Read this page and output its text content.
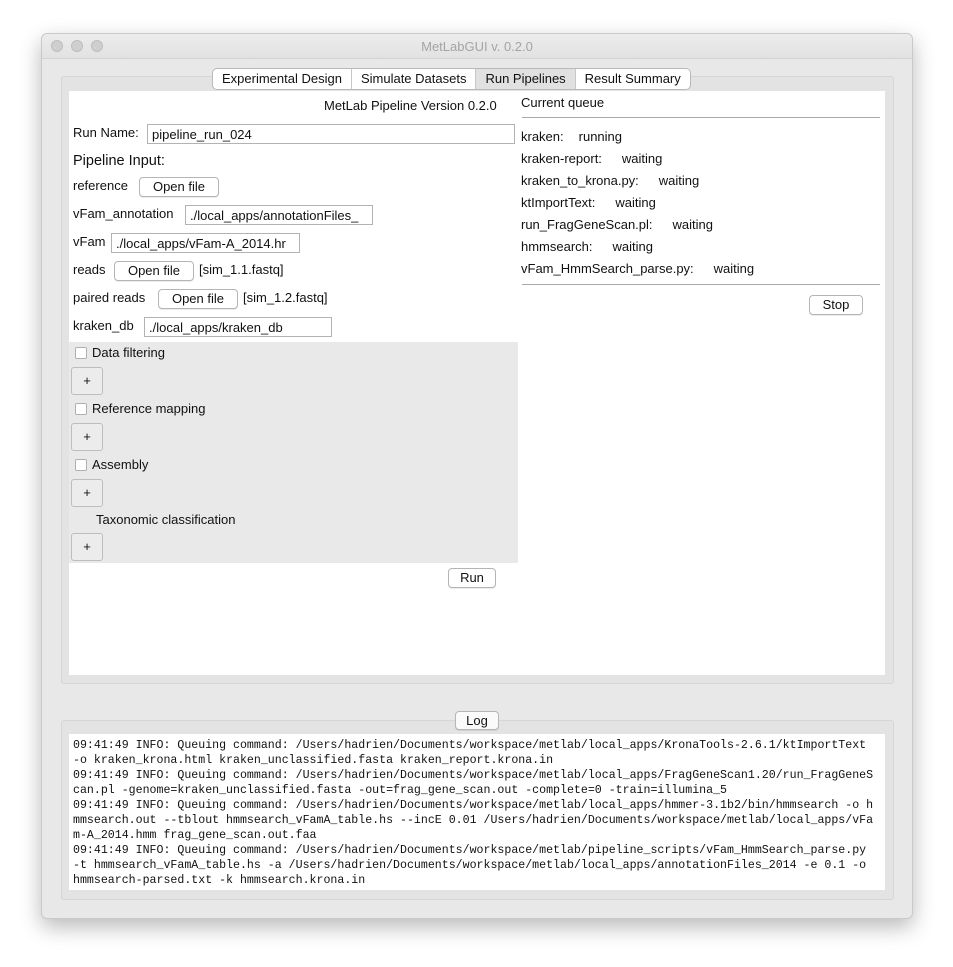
MetLabGUI v. 0.2.0
Experimental Design	Simulate Datasets	Run Pipelines	Result Summary
MetLab Pipeline Version 0.2.0
Run Name:	pipeline_run_024
Pipeline Input:
reference	Open file
vFam_annotation	./local_apps/annotationFiles_
vFam ./local_apps/vFam-A_2014.hr
reads	Open file	[sim_1.1.fastq]
paired reads	Open file	[sim_1.2.fastq]
kraken_db	./local_apps/kraken_db
Data filtering
+
Reference mapping
+
Assembly
+
Taxonomic classification
+
Run
Current queue
kraken: running
kraken-report: waiting
kraken_to_krona.py: waiting
ktImportText: waiting
run_FragGeneScan.pl: waiting
hmmsearch: waiting
vFam_HmmSearch_parse.py: waiting
Stop
Log
09:41:49 INFO: Queuing command: /Users/hadrien/Documents/workspace/metlab/local_apps/KronaTools-2.6.1/ktImportText
-o kraken_krona.html kraken_unclassified.fasta kraken_report.krona.in
09:41:49 INFO: Queuing command: /Users/hadrien/Documents/workspace/metlab/local_apps/FragGeneScan1.20/run_FragGeneS
can.pl -genome=kraken_unclassified.fasta -out=frag_gene_scan.out -complete=0 -train=illumina_5
09:41:49 INFO: Queuing command: /Users/hadrien/Documents/workspace/metlab/local_apps/hmmer-3.1b2/bin/hmmsearch -o h
mmsearch.out --tblout hmmsearch_vFamA_table.hs --incE 0.01 /Users/hadrien/Documents/workspace/metlab/local_apps/vFa
m-A_2014.hmm frag_gene_scan.out.faa
09:41:49 INFO: Queuing command: /Users/hadrien/Documents/workspace/metlab/pipeline_scripts/vFam_HmmSearch_parse.py
-t hmmsearch_vFamA_table.hs -a /Users/hadrien/Documents/workspace/metlab/local_apps/annotationFiles_2014 -e 0.1 -o
hmmsearch-parsed.txt -k hmmsearch.krona.in
